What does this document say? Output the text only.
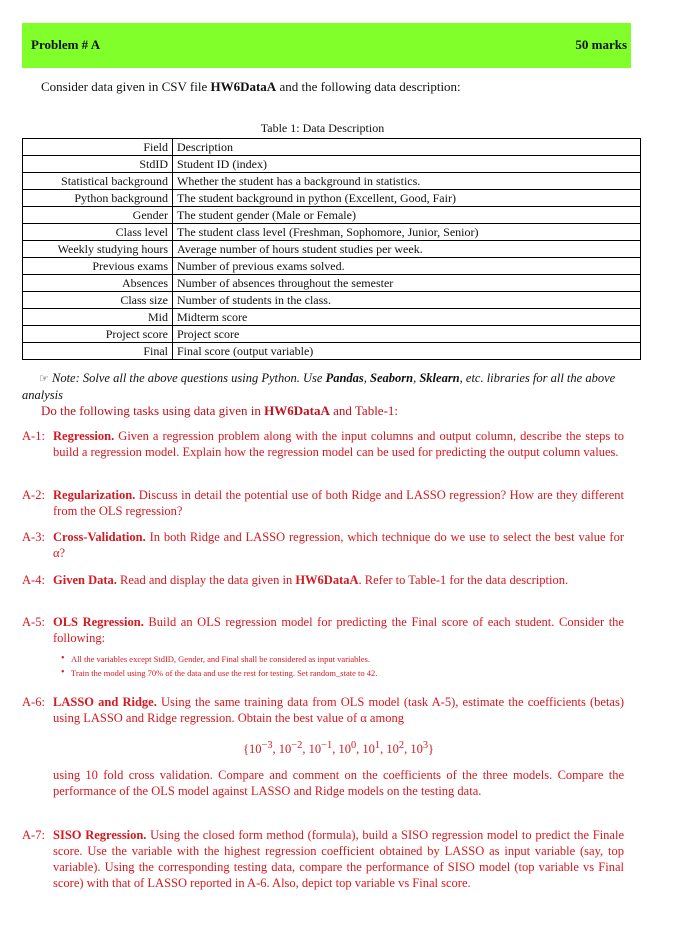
Problem # A	50 marks
Consider data given in CSV file HW6DataA and the following data description:
Table 1: Data Description
Field	Description
StdID	Student ID (index)
Statistical background	Whether the student has a background in statistics.
Python background	The student background in python (Excellent, Good, Fair)
Gender	The student gender (Male or Female)
Class level	The student class level (Freshman, Sophomore, Junior, Senior)
Weekly studying hours	Average number of hours student studies per week.
Previous exams	Number of previous exams solved.
Absences	Number of absences throughout the semester
Class size	Number of students in the class.
Mid	Midterm score
Project score	Project score
Final	Final score (output variable)
☞ Note: Solve all the above questions using Python. Use Pandas, Seaborn, Sklearn, etc. libraries for all the above analysis
Do the following tasks using data given in HW6DataA and Table-1:
A-1: Regression. Given a regression problem along with the input columns and output column, describe the steps to build a regression model. Explain how the regression model can be used for predicting the output column values.
A-2: Regularization. Discuss in detail the potential use of both Ridge and LASSO regression? How are they different from the OLS regression?
A-3: Cross-Validation. In both Ridge and LASSO regression, which technique do we use to select the best value for α?
A-4: Given Data. Read and display the data given in HW6DataA. Refer to Table-1 for the data description.
A-5: OLS Regression. Build an OLS regression model for predicting the Final score of each student. Consider the following:
• All the variables except StdID, Gender, and Final shall be considered as input variables.
• Train the model using 70% of the data and use the rest for testing. Set random_state to 42.
A-6: LASSO and Ridge. Using the same training data from OLS model (task A-5), estimate the coefficients (betas) using LASSO and Ridge regression. Obtain the best value of α among
{$10^{-3}$, $10^{-2}$, $10^{-1}$, $10^0$, $10^1$, $10^2$, $10^3$}
using 10 fold cross validation. Compare and comment on the coefficients of the three models. Compare the performance of the OLS model against LASSO and Ridge models on the testing data.
A-7: SISO Regression. Using the closed form method (formula), build a SISO regression model to predict the Finale score. Use the variable with the highest regression coefficient obtained by LASSO as input variable (say, top variable). Using the corresponding testing data, compare the performance of SISO model (top variable vs Final score) with that of LASSO reported in A-6. Also, depict top variable vs Final score.
